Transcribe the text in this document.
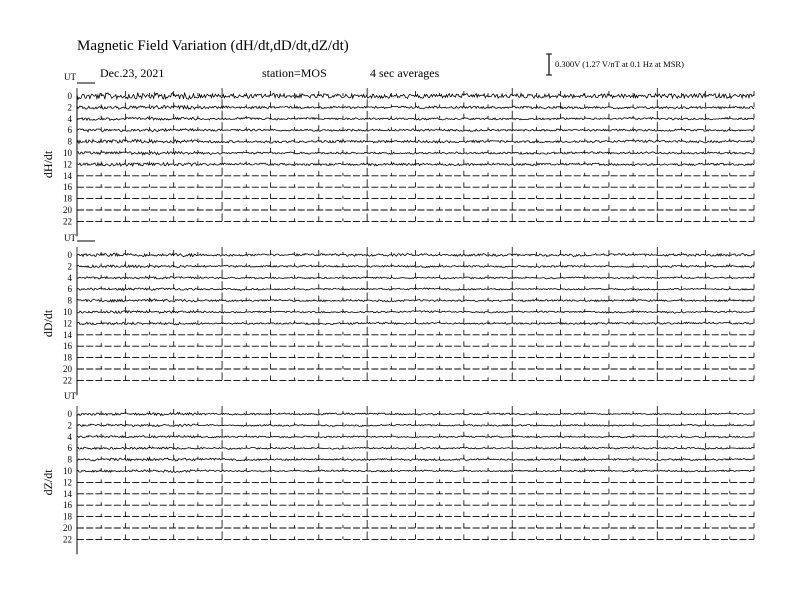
Magnetic Field Variation (dH/dt,dD/dt,dZ/dt)
Dec.23, 2021	station=MOS	4 sec averages
0.300V (1.27 V/nT at 0.1 Hz at MSR)
UT
dH/dt
0
2
4
6
8
10
12
14
16
18
20
22
UT
dD/dt
0
2
4
6
8
10
12
14
16
18
20
22
UT
dZ/dt
0
2
4
6
8
10
12
14
16
18
20
22
